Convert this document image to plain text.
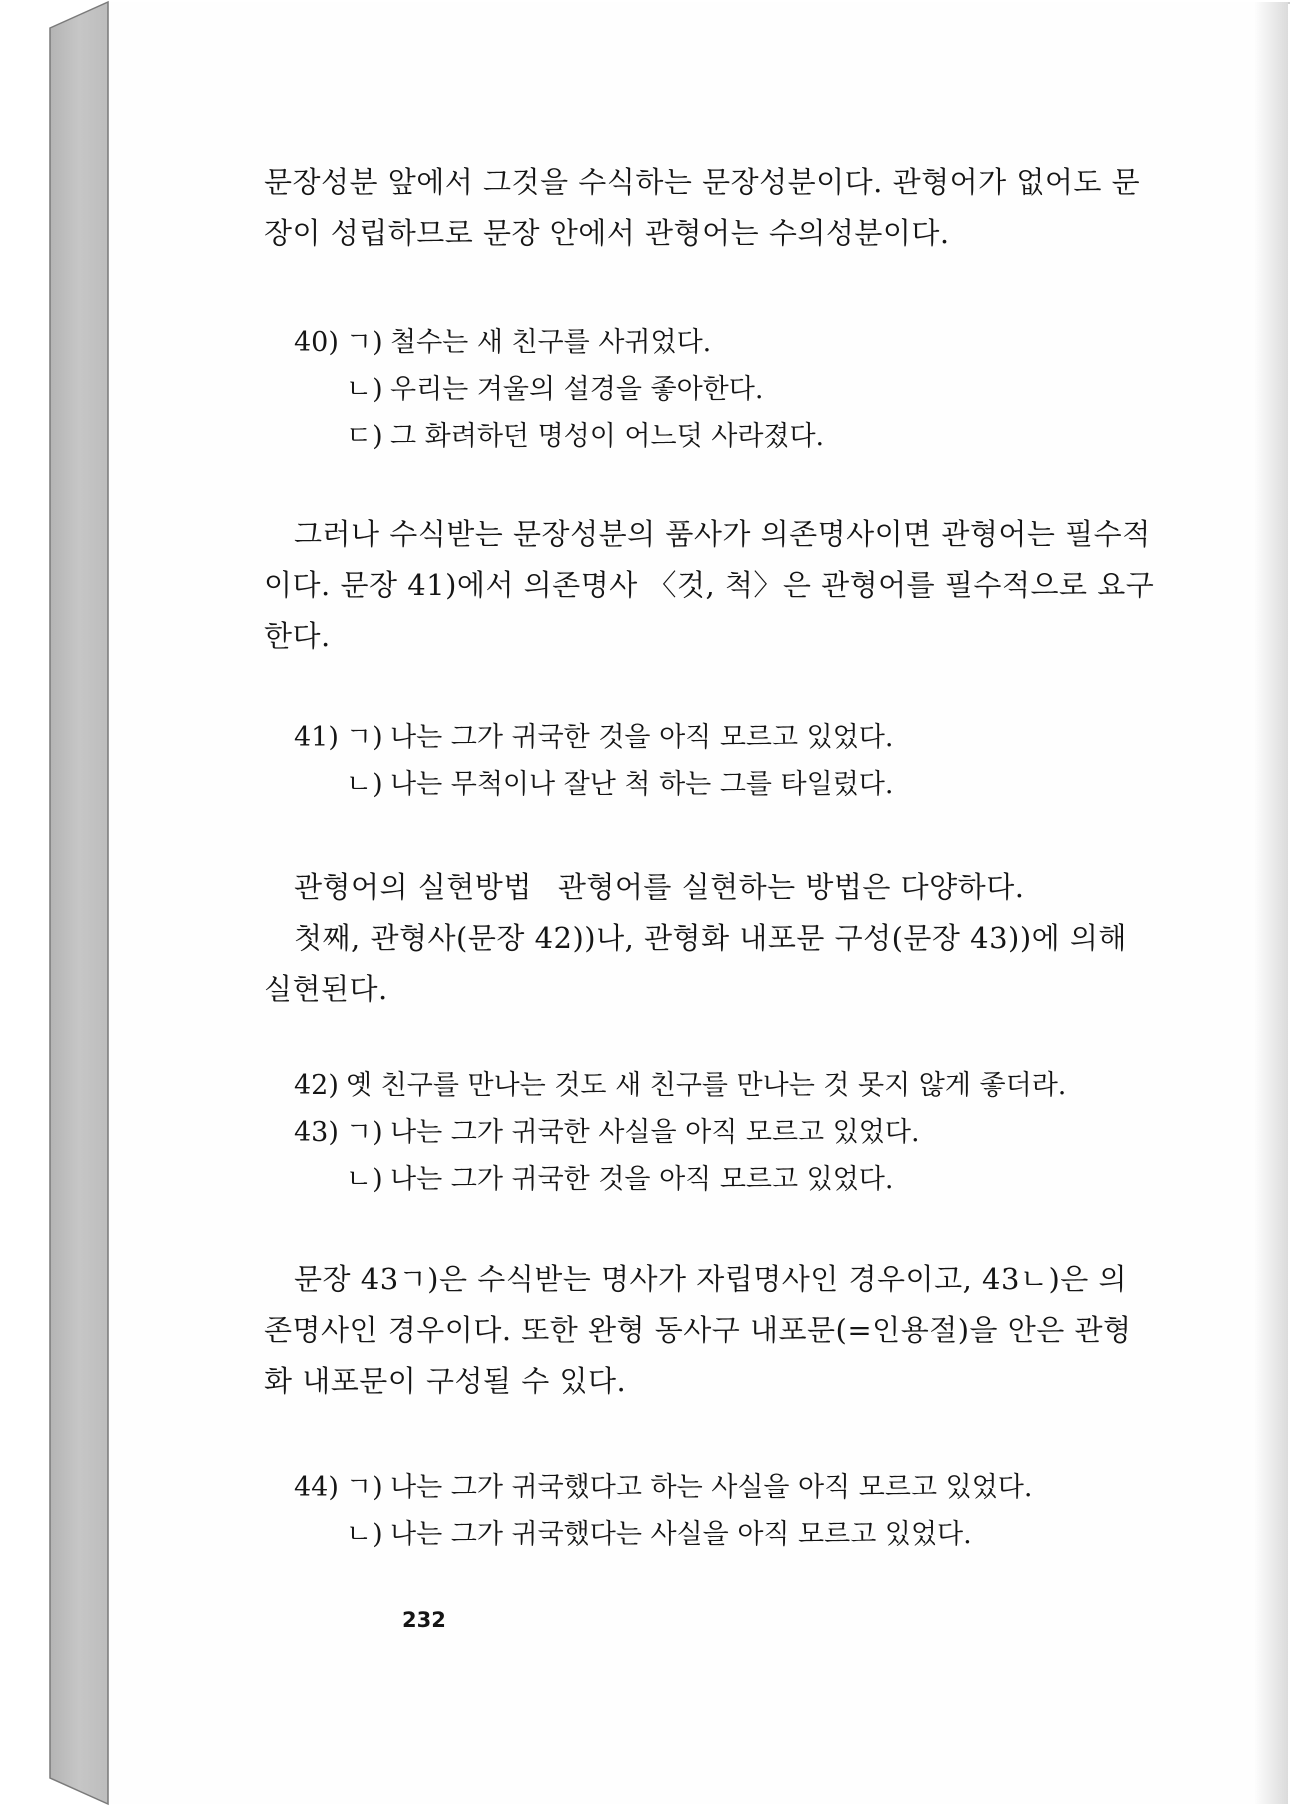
문장성분 앞에서 그것을 수식하는 문장성분이다. 관형어가 없어도 문
장이 성립하므로 문장 안에서 관형어는 수의성분이다.
40) ㄱ) 철수는 새 친구를 사귀었다.
ㄴ) 우리는 겨울의 설경을 좋아한다.
ㄷ) 그 화려하던 명성이 어느덧 사라졌다.
그러나 수식받는 문장성분의 품사가 의존명사이면 관형어는 필수적
이다. 문장 41)에서 의존명사 〈것, 척〉은 관형어를 필수적으로 요구
한다.
41) ㄱ) 나는 그가 귀국한 것을 아직 모르고 있었다.
ㄴ) 나는 무척이나 잘난 척 하는 그를 타일렀다.
관형어의 실현방법 관형어를 실현하는 방법은 다양하다.
첫째, 관형사(문장 42))나, 관형화 내포문 구성(문장 43))에 의해
실현된다.
42) 옛 친구를 만나는 것도 새 친구를 만나는 것 못지 않게 좋더라.
43) ㄱ) 나는 그가 귀국한 사실을 아직 모르고 있었다.
ㄴ) 나는 그가 귀국한 것을 아직 모르고 있었다.
문장 43ㄱ)은 수식받는 명사가 자립명사인 경우이고, 43ㄴ)은 의
존명사인 경우이다. 또한 완형 동사구 내포문(=인용절)을 안은 관형
화 내포문이 구성될 수 있다.
44) ㄱ) 나는 그가 귀국했다고 하는 사실을 아직 모르고 있었다.
ㄴ) 나는 그가 귀국했다는 사실을 아직 모르고 있었다.
232
